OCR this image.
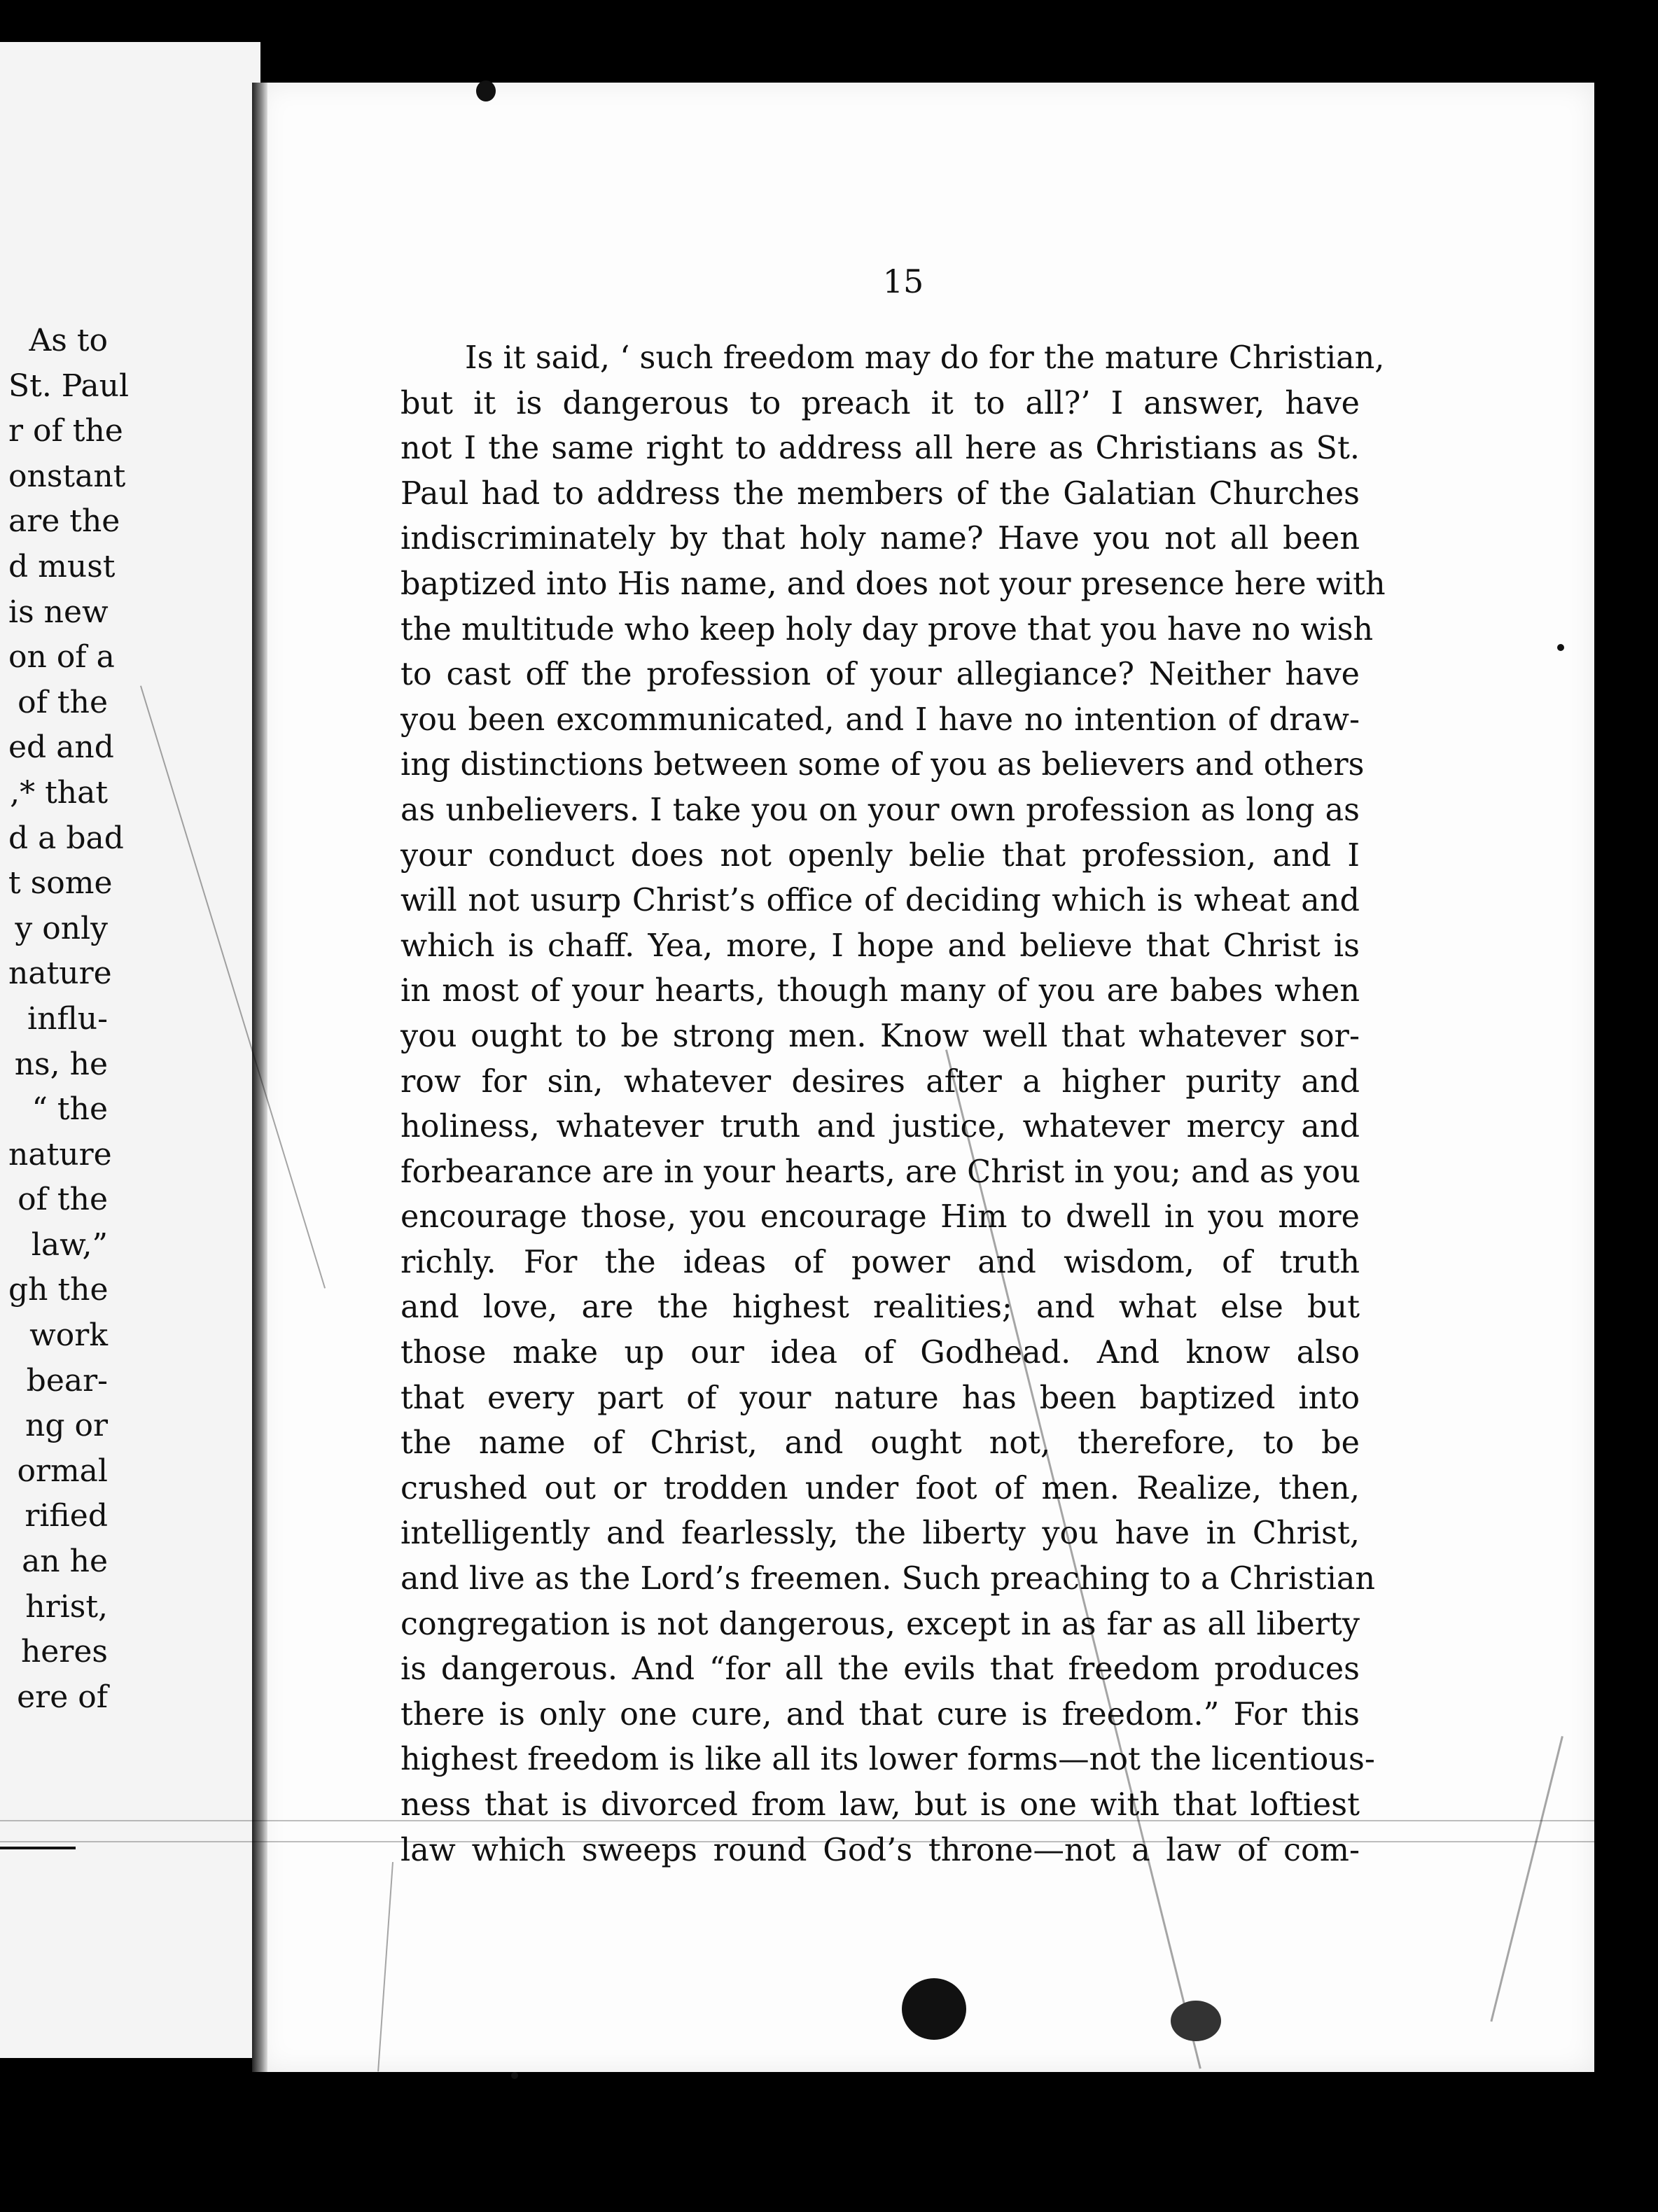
As to
St. Paul
r of the
onstant
are the
d must
is new
on of a
of the
ed and
,* that
d a bad
t some
y only
nature
influ-
ns, he
“ the
nature
of the
law,”
gh the
work
bear-
ng or
ormal
rified
an he
hrist,
heres
ere of
15
Is it said, ‘ such freedom may do for the mature Christian,
but it is dangerous to preach it to all?’ I answer, have
not I the same right to address all here as Christians as St.
Paul had to address the members of the Galatian Churches
indiscriminately by that holy name? Have you not all been
baptized into His name, and does not your presence here with
the multitude who keep holy day prove that you have no wish
to cast off the profession of your allegiance? Neither have
you been excommunicated, and I have no intention of draw-
ing distinctions between some of you as believers and others
as unbelievers. I take you on your own profession as long as
your conduct does not openly belie that profession, and I
will not usurp Christ’s office of deciding which is wheat and
which is chaff. Yea, more, I hope and believe that Christ is
in most of your hearts, though many of you are babes when
you ought to be strong men. Know well that whatever sor-
row for sin, whatever desires after a higher purity and
holiness, whatever truth and justice, whatever mercy and
forbearance are in your hearts, are Christ in you; and as you
encourage those, you encourage Him to dwell in you more
richly. For the ideas of power and wisdom, of truth
and love, are the highest realities; and what else but
those make up our idea of Godhead. And know also
that every part of your nature has been baptized into
the name of Christ, and ought not, therefore, to be
crushed out or trodden under foot of men. Realize, then,
intelligently and fearlessly, the liberty you have in Christ,
and live as the Lord’s freemen. Such preaching to a Christian
congregation is not dangerous, except in as far as all liberty
is dangerous. And “for all the evils that freedom produces
there is only one cure, and that cure is freedom.” For this
highest freedom is like all its lower forms—not the licentious-
ness that is divorced from law, but is one with that loftiest
law which sweeps round God’s throne—not a law of com-
